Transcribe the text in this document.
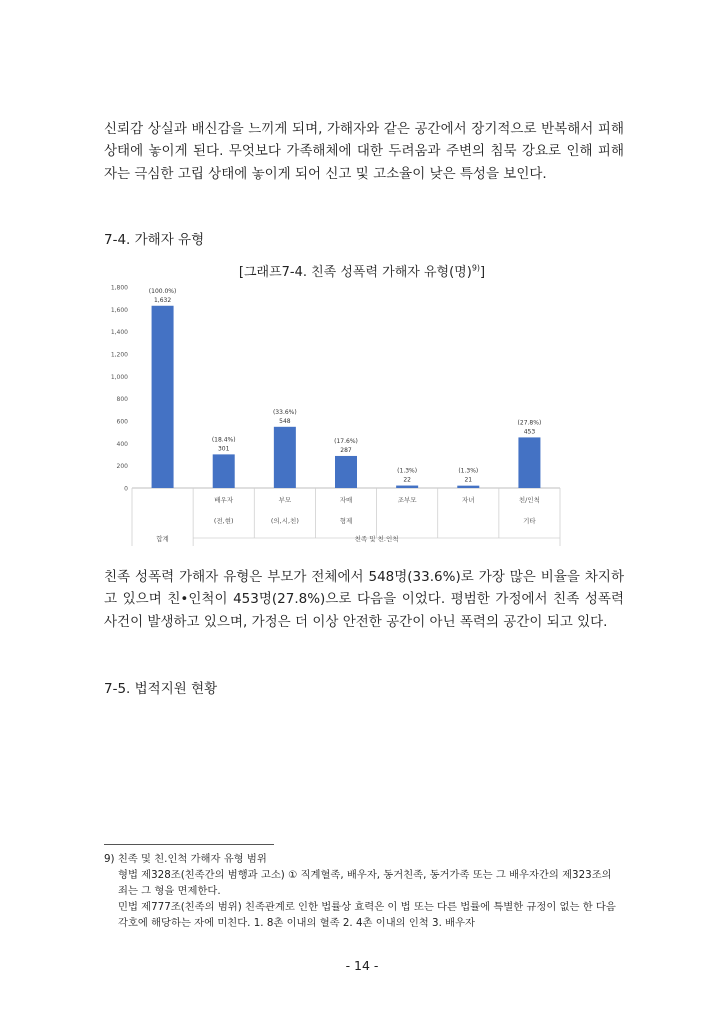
신뢰감 상실과 배신감을 느끼게 되며, 가해자와 같은 공간에서 장기적으로 반복해서 피해 상태에 놓이게 된다. 무엇보다 가족해체에 대한 두려움과 주변의 침묵 강요로 인해 피해자는 극심한 고립 상태에 놓이게 되어 신고 및 고소율이 낮은 특성을 보인다.

7-4. 가해자 유형

[그래프7-4. 친족 성폭력 가해자 유형(명)$^{9)}$]
0
200
400
600
800
1,000
1,200
1,400
1,600
1,800
1,632
(100.0%)
합계
301
(18.4%)
배우자
(전,현)
548
(33.6%)
부모
(의,시,친)
287
(17.6%)
자매
형제
22
(1.3%)
조부모
21
(1.3%)
자녀
453
(27.8%)
친/인척
기타
친족 및 친.인척

친족 성폭력 가해자 유형은 부모가 전체에서 548명(33.6%)로 가장 많은 비율을 차지하고 있으며 친•인척이 453명(27.8%)으로 다음을 이었다. 평범한 가정에서 친족 성폭력 사건이 발생하고 있으며, 가정은 더 이상 안전한 공간이 아닌 폭력의 공간이 되고 있다.

7-5. 법적지원 현황

9) 친족 및 친.인척 가해자 유형 범위

형법 제328조(친족간의 범행과 고소) ① 직계혈족, 배우자, 동거친족, 동거가족 또는 그 배우자간의 제323조의 죄는 그 형을 면제한다.

민법 제777조(친족의 범위) 친족관계로 인한 법률상 효력은 이 법 또는 다른 법률에 특별한 규정이 없는 한 다음 각호에 해당하는 자에 미친다. 1. 8촌 이내의 혈족 2. 4촌 이내의 인척 3. 배우자

- 14 -
